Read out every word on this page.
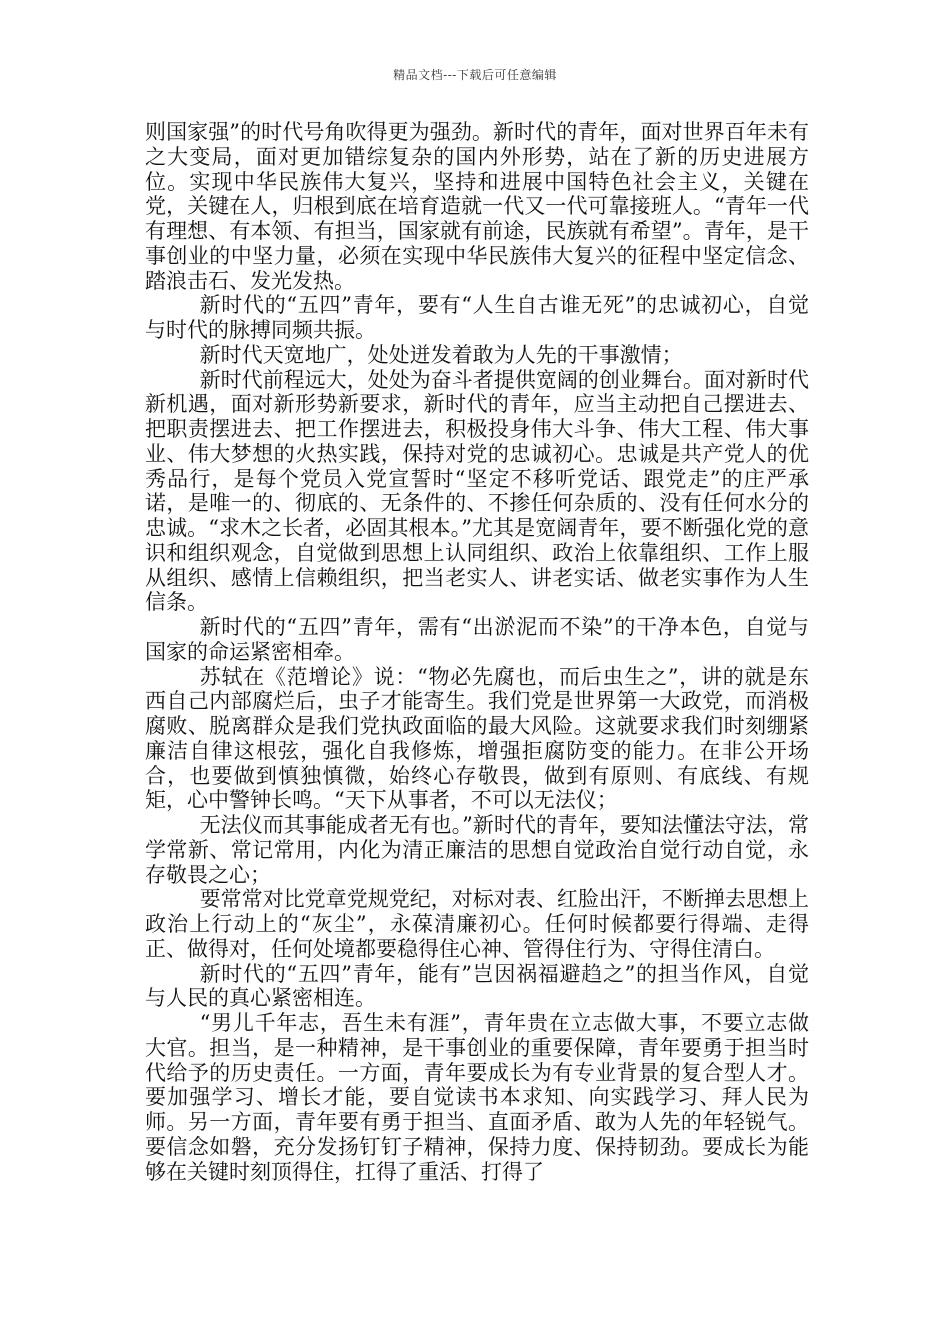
精品文档---下载后可任意编辑

则国家强”的时代号角吹得更为强劲。新时代的青年，面对世界百年未有之大变局，面对更加错综复杂的国内外形势，站在了新的历史进展方位。实现中华民族伟大复兴，坚持和进展中国特色社会主义，关键在党，关键在人，归根到底在培育造就一代又一代可靠接班人。“青年一代有理想、有本领、有担当，国家就有前途，民族就有希望”。青年，是干事创业的中坚力量，必须在实现中华民族伟大复兴的征程中坚定信念、踏浪击石、发光发热。

新时代的“五四”青年，要有“人生自古谁无死”的忠诚初心，自觉与时代的脉搏同频共振。

新时代天宽地广，处处迸发着敢为人先的干事激情；

新时代前程远大，处处为奋斗者提供宽阔的创业舞台。面对新时代新机遇，面对新形势新要求，新时代的青年，应当主动把自己摆进去、把职责摆进去、把工作摆进去，积极投身伟大斗争、伟大工程、伟大事业、伟大梦想的火热实践，保持对党的忠诚初心。忠诚是共产党人的优秀品行，是每个党员入党宣誓时“坚定不移听党话、跟党走”的庄严承诺，是唯一的、彻底的、无条件的、不掺任何杂质的、没有任何水分的忠诚。“求木之长者，必固其根本。”尤其是宽阔青年，要不断强化党的意识和组织观念，自觉做到思想上认同组织、政治上依靠组织、工作上服从组织、感情上信赖组织，把当老实人、讲老实话、做老实事作为人生信条。

新时代的“五四”青年，需有“出淤泥而不染”的干净本色，自觉与国家的命运紧密相牵。

苏轼在《范增论》说：“物必先腐也，而后虫生之”，讲的就是东西自己内部腐烂后，虫子才能寄生。我们党是世界第一大政党，而消极腐败、脱离群众是我们党执政面临的最大风险。这就要求我们时刻绷紧廉洁自律这根弦，强化自我修炼，增强拒腐防变的能力。在非公开场合，也要做到慎独慎微，始终心存敬畏，做到有原则、有底线、有规矩，心中警钟长鸣。“天下从事者，不可以无法仪；

无法仪而其事能成者无有也。”新时代的青年，要知法懂法守法，常学常新、常记常用，内化为清正廉洁的思想自觉政治自觉行动自觉，永存敬畏之心；

要常常对比党章党规党纪，对标对表、红脸出汗，不断掸去思想上政治上行动上的“灰尘”，永葆清廉初心。任何时候都要行得端、走得正、做得对，任何处境都要稳得住心神、管得住行为、守得住清白。

新时代的“五四”青年，能有”岂因祸福避趋之”的担当作风，自觉与人民的真心紧密相连。

“男儿千年志，吾生未有涯”，青年贵在立志做大事，不要立志做大官。担当，是一种精神，是干事创业的重要保障，青年要勇于担当时代给予的历史责任。一方面，青年要成长为有专业背景的复合型人才。要加强学习、增长才能，要自觉读书本求知、向实践学习、拜人民为师。另一方面，青年要有勇于担当、直面矛盾、敢为人先的年轻锐气。要信念如磐，充分发扬钉钉子精神，保持力度、保持韧劲。要成长为能够在关键时刻顶得住，扛得了重活、打得了
